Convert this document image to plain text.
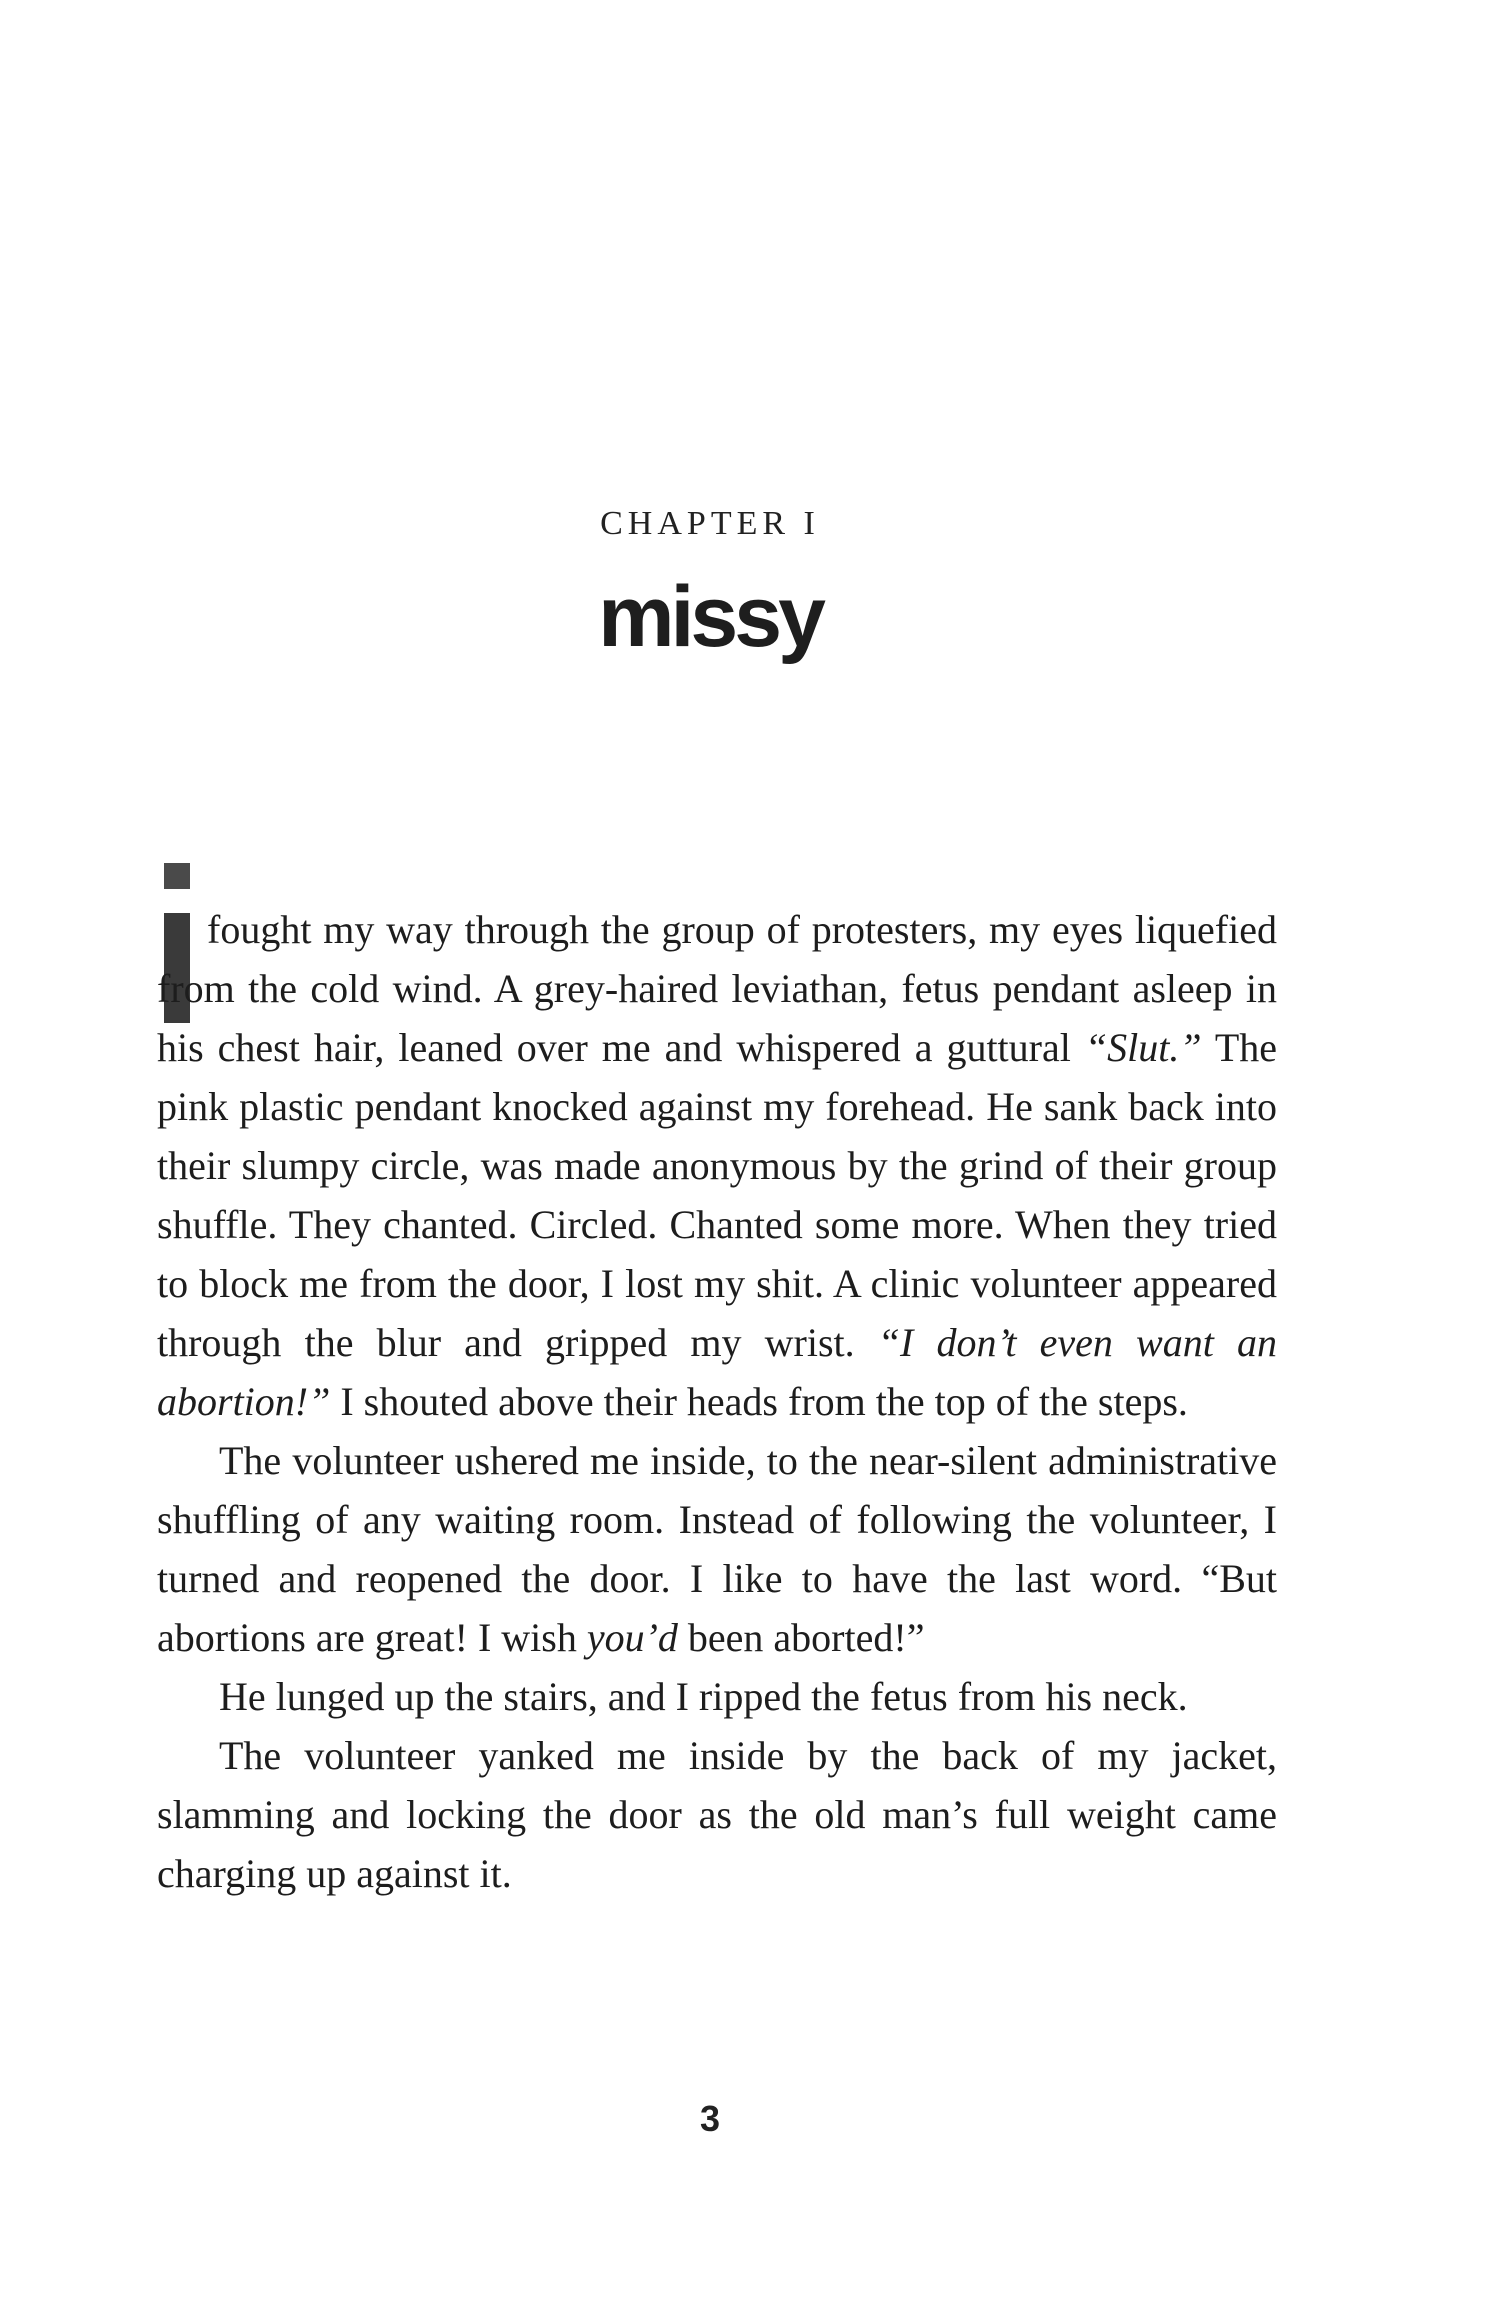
CHAPTER I
missy

fought my way through the group of protesters, my eyes liquefied from the cold wind. A grey-haired leviathan, fetus pendant asleep in his chest hair, leaned over me and whispered a guttural “Slut.” The pink plastic pendant knocked against my forehead. He sank back into their slumpy circle, was made anonymous by the grind of their group shuffle. They chanted. Circled. Chanted some more. When they tried to block me from the door, I lost my shit. A clinic volunteer appeared through the blur and gripped my wrist. “I don’t even want an abortion!” I shouted above their heads from the top of the steps.

The volunteer ushered me inside, to the near-silent administrative shuffling of any waiting room. Instead of following the volunteer, I turned and reopened the door. I like to have the last word. “But abortions are great! I wish you’d been aborted!”

He lunged up the stairs, and I ripped the fetus from his neck.

The volunteer yanked me inside by the back of my jacket, slamming and locking the door as the old man’s full weight came charging up against it.

3
